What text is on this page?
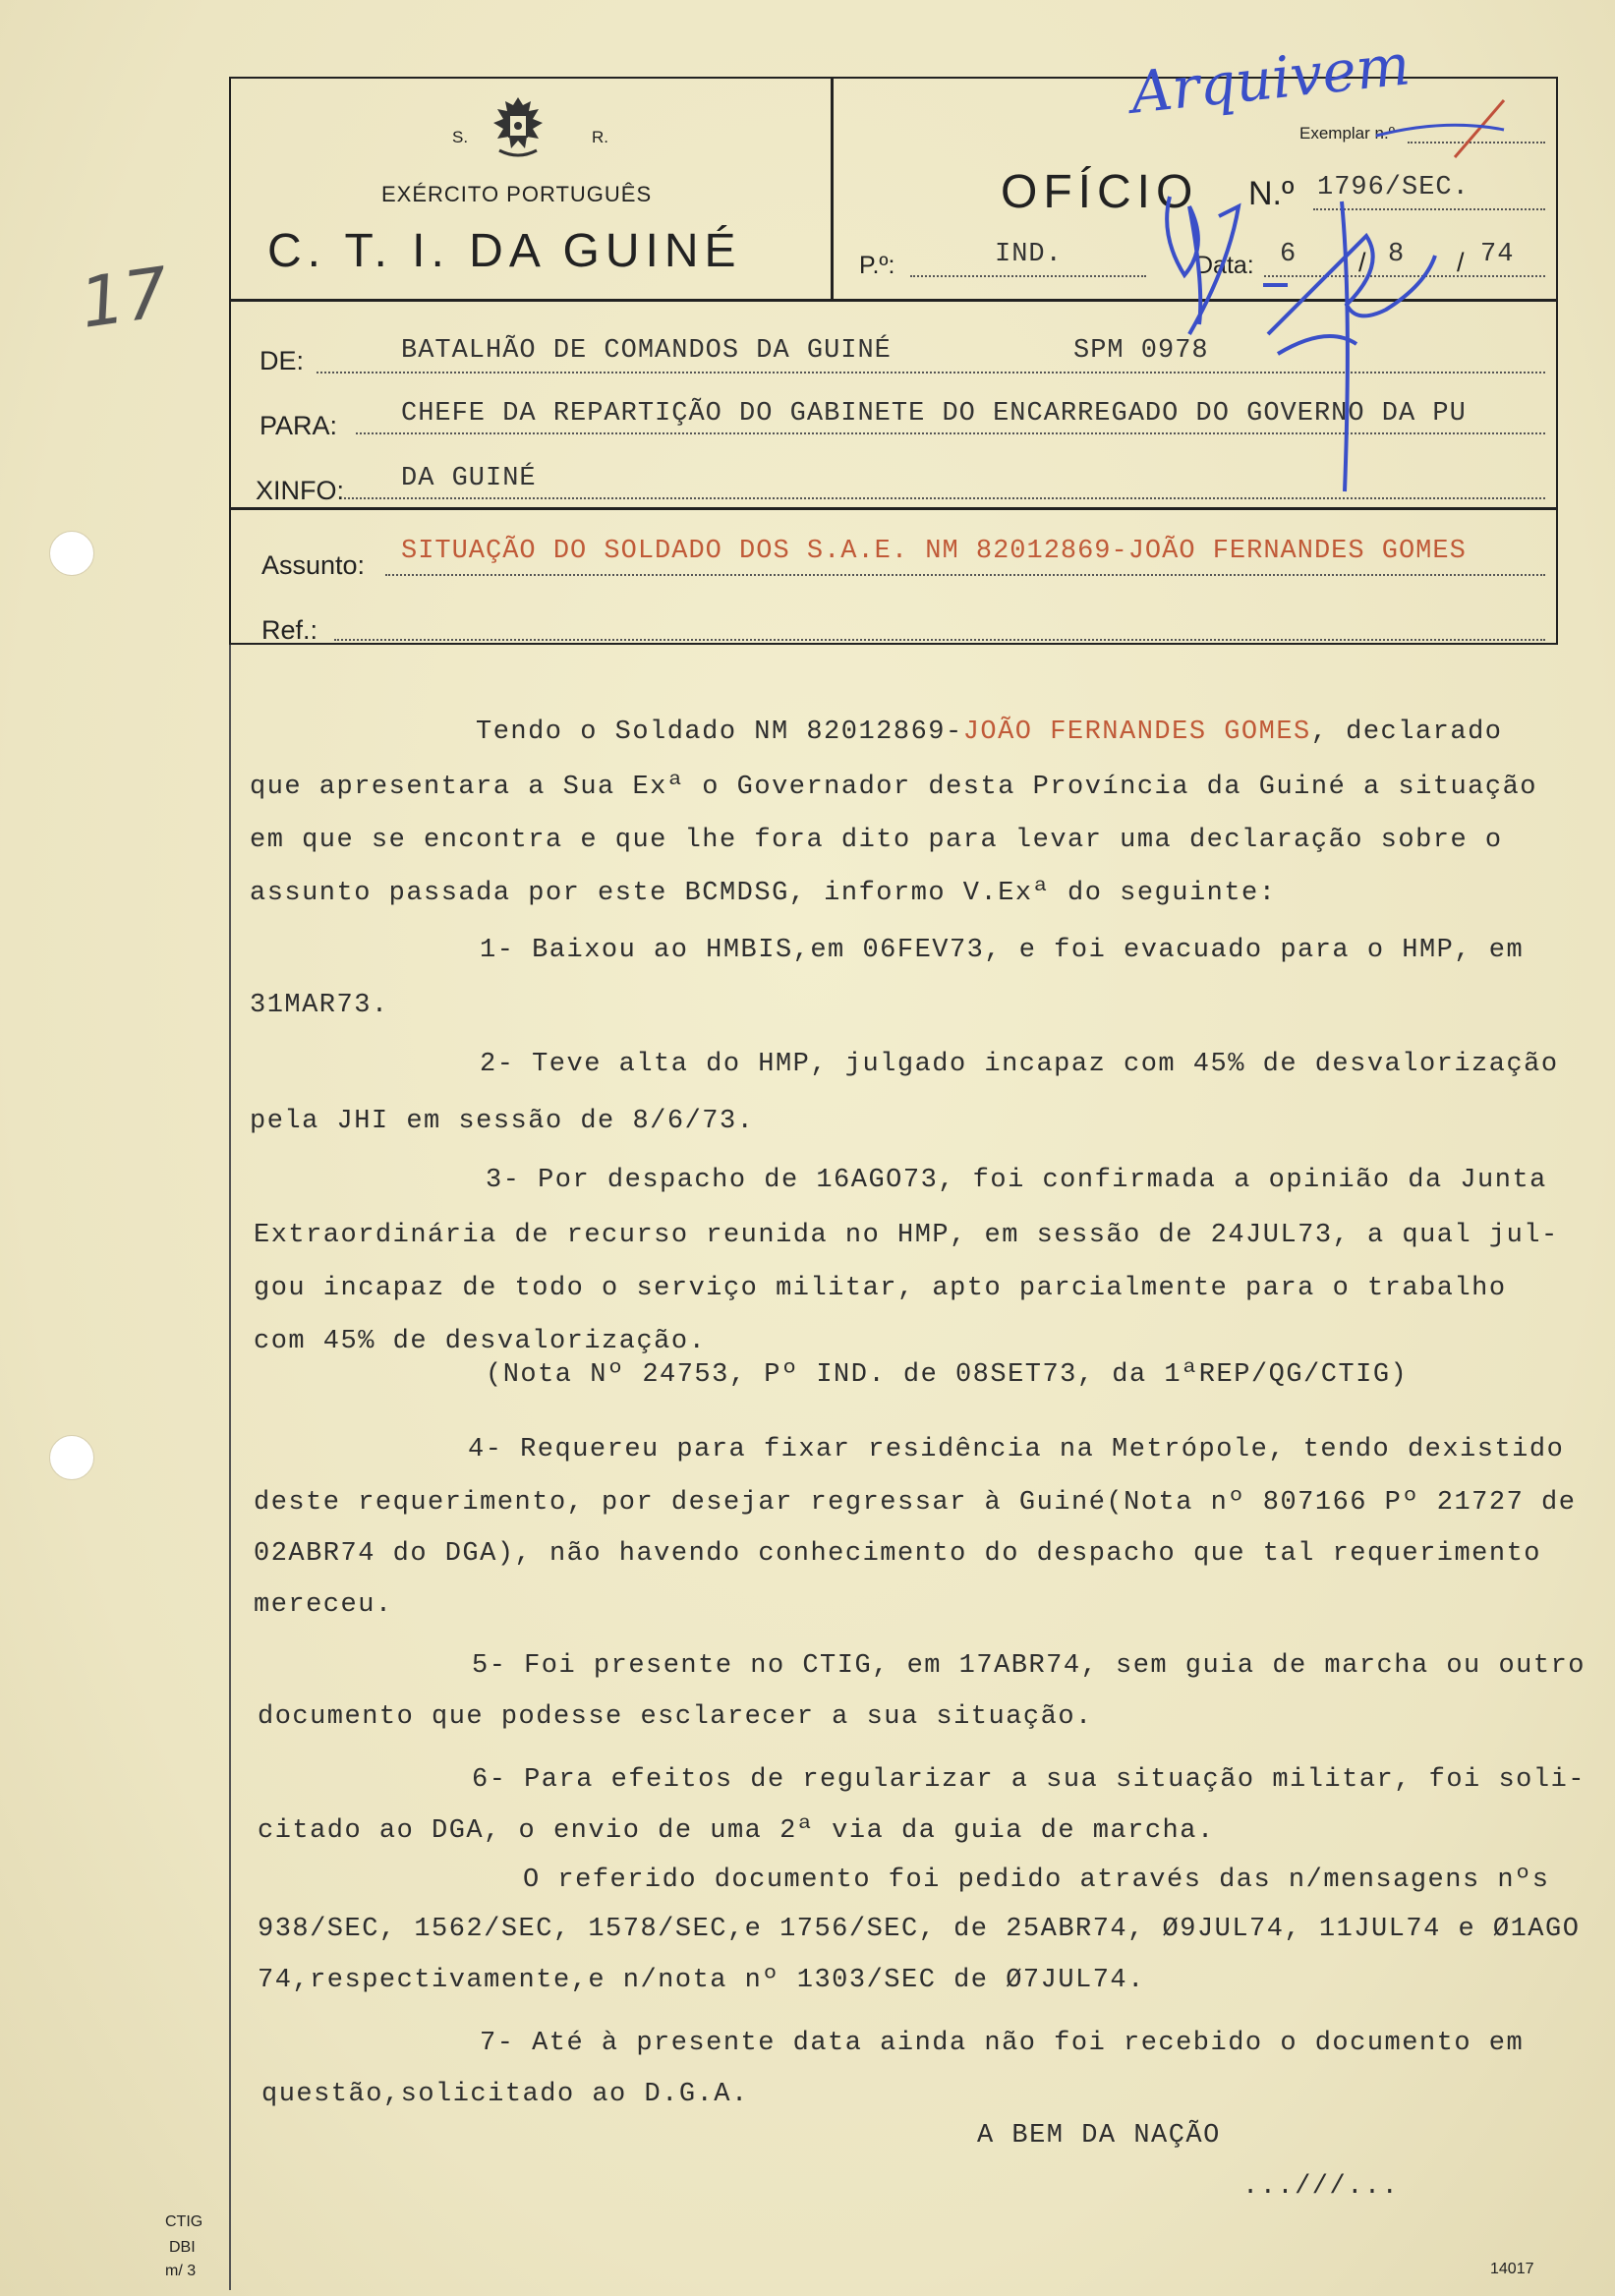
17
S.	R.
EXÉRCITO PORTUGUÊS
C. T. I. DA GUINÉ
OFÍCIO
Exemplar n.º
N.º 1796/SEC.
P.º:	IND.	Data: 6 / 8 / 74
DE:	BATALHÃO DE COMANDOS DA GUINÉ	SPM 0978
PARA: CHEFE DA REPARTIÇÃO DO GABINETE DO ENCARREGADO DO GOVERNO DA PU
XINFO: DA GUINÉ
Assunto: SITUAÇÃO DO SOLDADO DOS S.A.E. NM 82012869-JOÃO FERNANDES GOMES
Ref.:
Tendo o Soldado NM 82012869-JOÃO FERNANDES GOMES, declarado
que apresentara a Sua Exª o Governador desta Província da Guiné a situação
em que se encontra e que lhe fora dito para levar uma declaração sobre o
assunto passada por este BCMDSG, informo V.Exª do seguinte:
1- Baixou ao HMBIS,em 06FEV73, e foi evacuado para o HMP, em
31MAR73.
2- Teve alta do HMP, julgado incapaz com 45% de desvalorização
pela JHI em sessão de 8/6/73.
3- Por despacho de 16AGO73, foi confirmada a opinião da Junta
Extraordinária de recurso reunida no HMP, em sessão de 24JUL73, a qual jul-
gou incapaz de todo o serviço militar, apto parcialmente para o trabalho
com 45% de desvalorização.
(Nota Nº 24753, Pº IND. de 08SET73, da 1ªREP/QG/CTIG)
4- Requereu para fixar residência na Metrópole, tendo dexistido
deste requerimento, por desejar regressar à Guiné(Nota nº 807166 Pº 21727 de
02ABR74 do DGA), não havendo conhecimento do despacho que tal requerimento
mereceu.
5- Foi presente no CTIG, em 17ABR74, sem guia de marcha ou outro
documento que podesse esclarecer a sua situação.
6- Para efeitos de regularizar a sua situação militar, foi soli-
citado ao DGA, o envio de uma 2ª via da guia de marcha.
O referido documento foi pedido através das n/mensagens nºs
938/SEC, 1562/SEC, 1578/SEC,e 1756/SEC, de 25ABR74, Ø9JUL74, 11JUL74 e Ø1AGO
74,respectivamente,e n/nota nº 1303/SEC de Ø7JUL74.
7- Até à presente data ainda não foi recebido o documento em
questão,solicitado ao D.G.A.
A BEM DA NAÇÃO
...///...
Arquivem
CTIG
DBI
m/ 3	14017
